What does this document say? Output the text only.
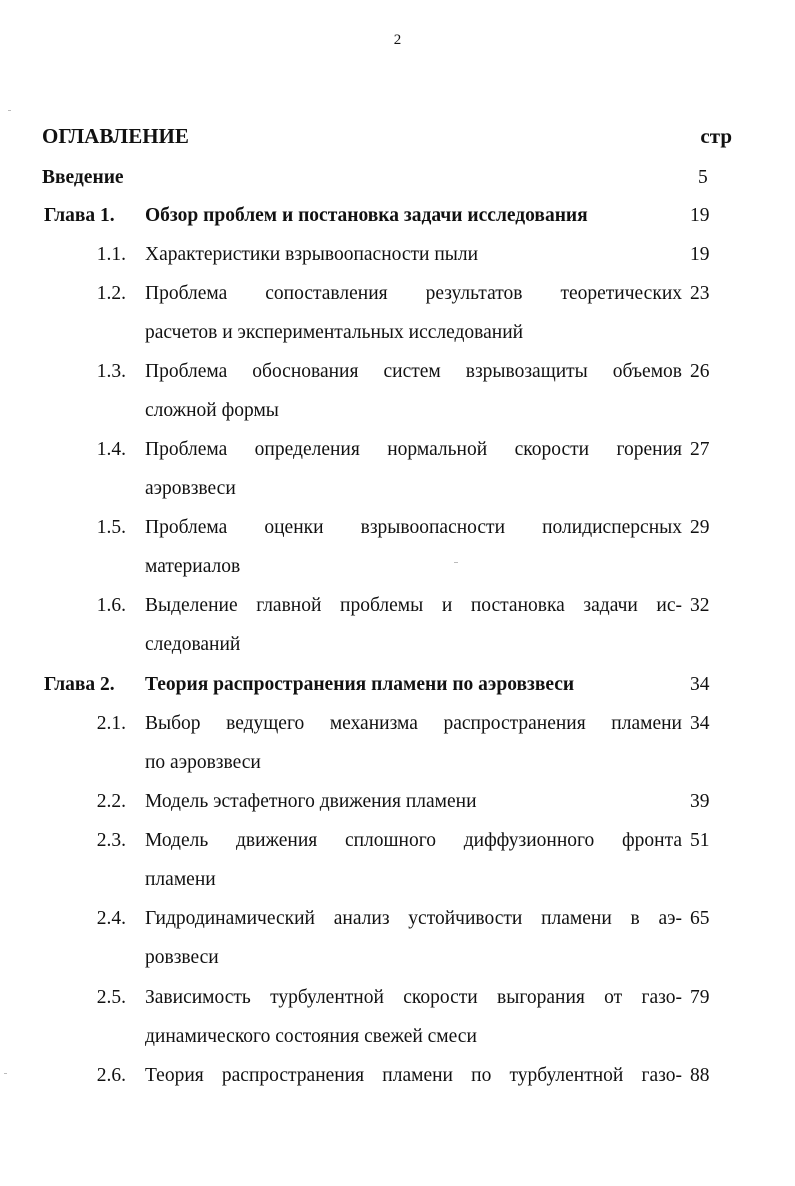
2
ОГЛАВЛЕНИЕ	стр
Введение	5
Глава 1.	Обзор проблем и постановка задачи исследования	19
1.1. Характеристики взрывоопасности пыли	19
1.2. Проблема сопоставления результатов теоретических 23
расчетов и экспериментальных исследований
1.3. Проблема обоснования систем взрывозащиты объемов 26
сложной формы
1.4. Проблема определения нормальной скорости горения 27
аэровзвеси
1.5. Проблема оценки взрывоопасности полидисперсных 29
материалов
1.6. Выделение главной проблемы и постановка задачи ис- 32
следований
Глава 2.	Теория распространения пламени по аэровзвеси	34
2.1. Выбор ведущего механизма распространения пламени 34
по аэровзвеси
2.2. Модель эстафетного движения пламени	39
2.3. Модель движения сплошного диффузионного фронта 51
пламени
2.4. Гидродинамический анализ устойчивости пламени в аэ- 65
ровзвеси
2.5. Зависимость турбулентной скорости выгорания от газо- 79
динамического состояния свежей смеси
2.6. Теория распространения пламени по турбулентной газо- 88
